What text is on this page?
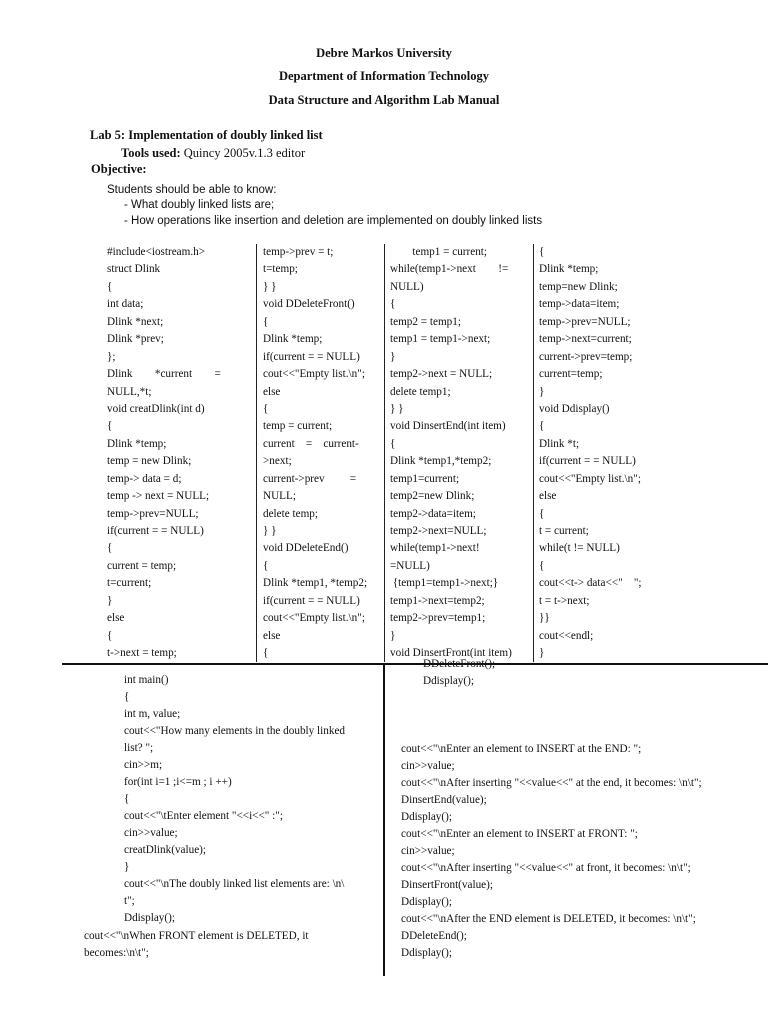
Debre Markos University
Department of Information Technology
Data Structure and Algorithm Lab Manual
Lab 5: Implementation of doubly linked list
Tools used: Quincy 2005v.1.3 editor
Objective:
Students should be able to know:
- What doubly linked lists are;
- How operations like insertion and deletion are implemented on doubly linked lists
#include<iostream.h>
struct Dlink
{
int data;
Dlink *next;
Dlink *prev;
};
Dlink        *current        =
NULL,*t;
void creatDlink(int d)
{
Dlink *temp;
temp = new Dlink;
temp-> data = d;
temp -> next = NULL;
temp->prev=NULL;
if(current = = NULL)
{
current = temp;
t=current;
}
else
{
t->next = temp;
temp->prev = t;
t=temp;
} }
void DDeleteFront()
{
Dlink *temp;
if(current = = NULL)
cout<<"Empty list.\n";
else
{
temp = current;
current    =    current-
>next;
current->prev         =
NULL;
delete temp;
} }
void DDeleteEnd()
{
Dlink *temp1, *temp2;
if(current = = NULL)
cout<<"Empty list.\n";
else
{
temp1 = current;
while(temp1->next        !=
NULL)
{
temp2 = temp1;
temp1 = temp1->next;
}
temp2->next = NULL;
delete temp1;
} }
void DinsertEnd(int item)
{
Dlink *temp1,*temp2;
temp1=current;
temp2=new Dlink;
temp2->data=item;
temp2->next=NULL;
while(temp1->next!
=NULL)
{temp1=temp1->next;}
temp1->next=temp2;
temp2->prev=temp1;
}
void DinsertFront(int item)
{
Dlink *temp;
temp=new Dlink;
temp->data=item;
temp->prev=NULL;
temp->next=current;
current->prev=temp;
current=temp;
}
void Ddisplay()
{
Dlink *t;
if(current = = NULL)
cout<<"Empty list.\n";
else
{
t = current;
while(t != NULL)
{
cout<<t-> data<<"    ";
t = t->next;
}}
cout<<endl;
}
int main()
{
int m, value;
cout<<"How many elements in the doubly linked
list? ";
cin>>m;
for(int i=1 ;i<=m ; i ++)
{
cout<<"\tEnter element "<<i<<" :";
cin>>value;
creatDlink(value);
}
cout<<"\nThe doubly linked list elements are: \n\
t";
Ddisplay();
cout<<"\nWhen FRONT element is DELETED, it
becomes:\n\t";
DDeleteFront();
Ddisplay();
cout<<"\nEnter an element to INSERT at the END: ";
cin>>value;
cout<<"\nAfter inserting "<<value<<" at the end, it becomes: \n\t";
DinsertEnd(value);
Ddisplay();
cout<<"\nEnter an element to INSERT at FRONT: ";
cin>>value;
cout<<"\nAfter inserting "<<value<<" at front, it becomes: \n\t";
DinsertFront(value);
Ddisplay();
cout<<"\nAfter the END element is DELETED, it becomes: \n\t";
DDeleteEnd();
Ddisplay();
